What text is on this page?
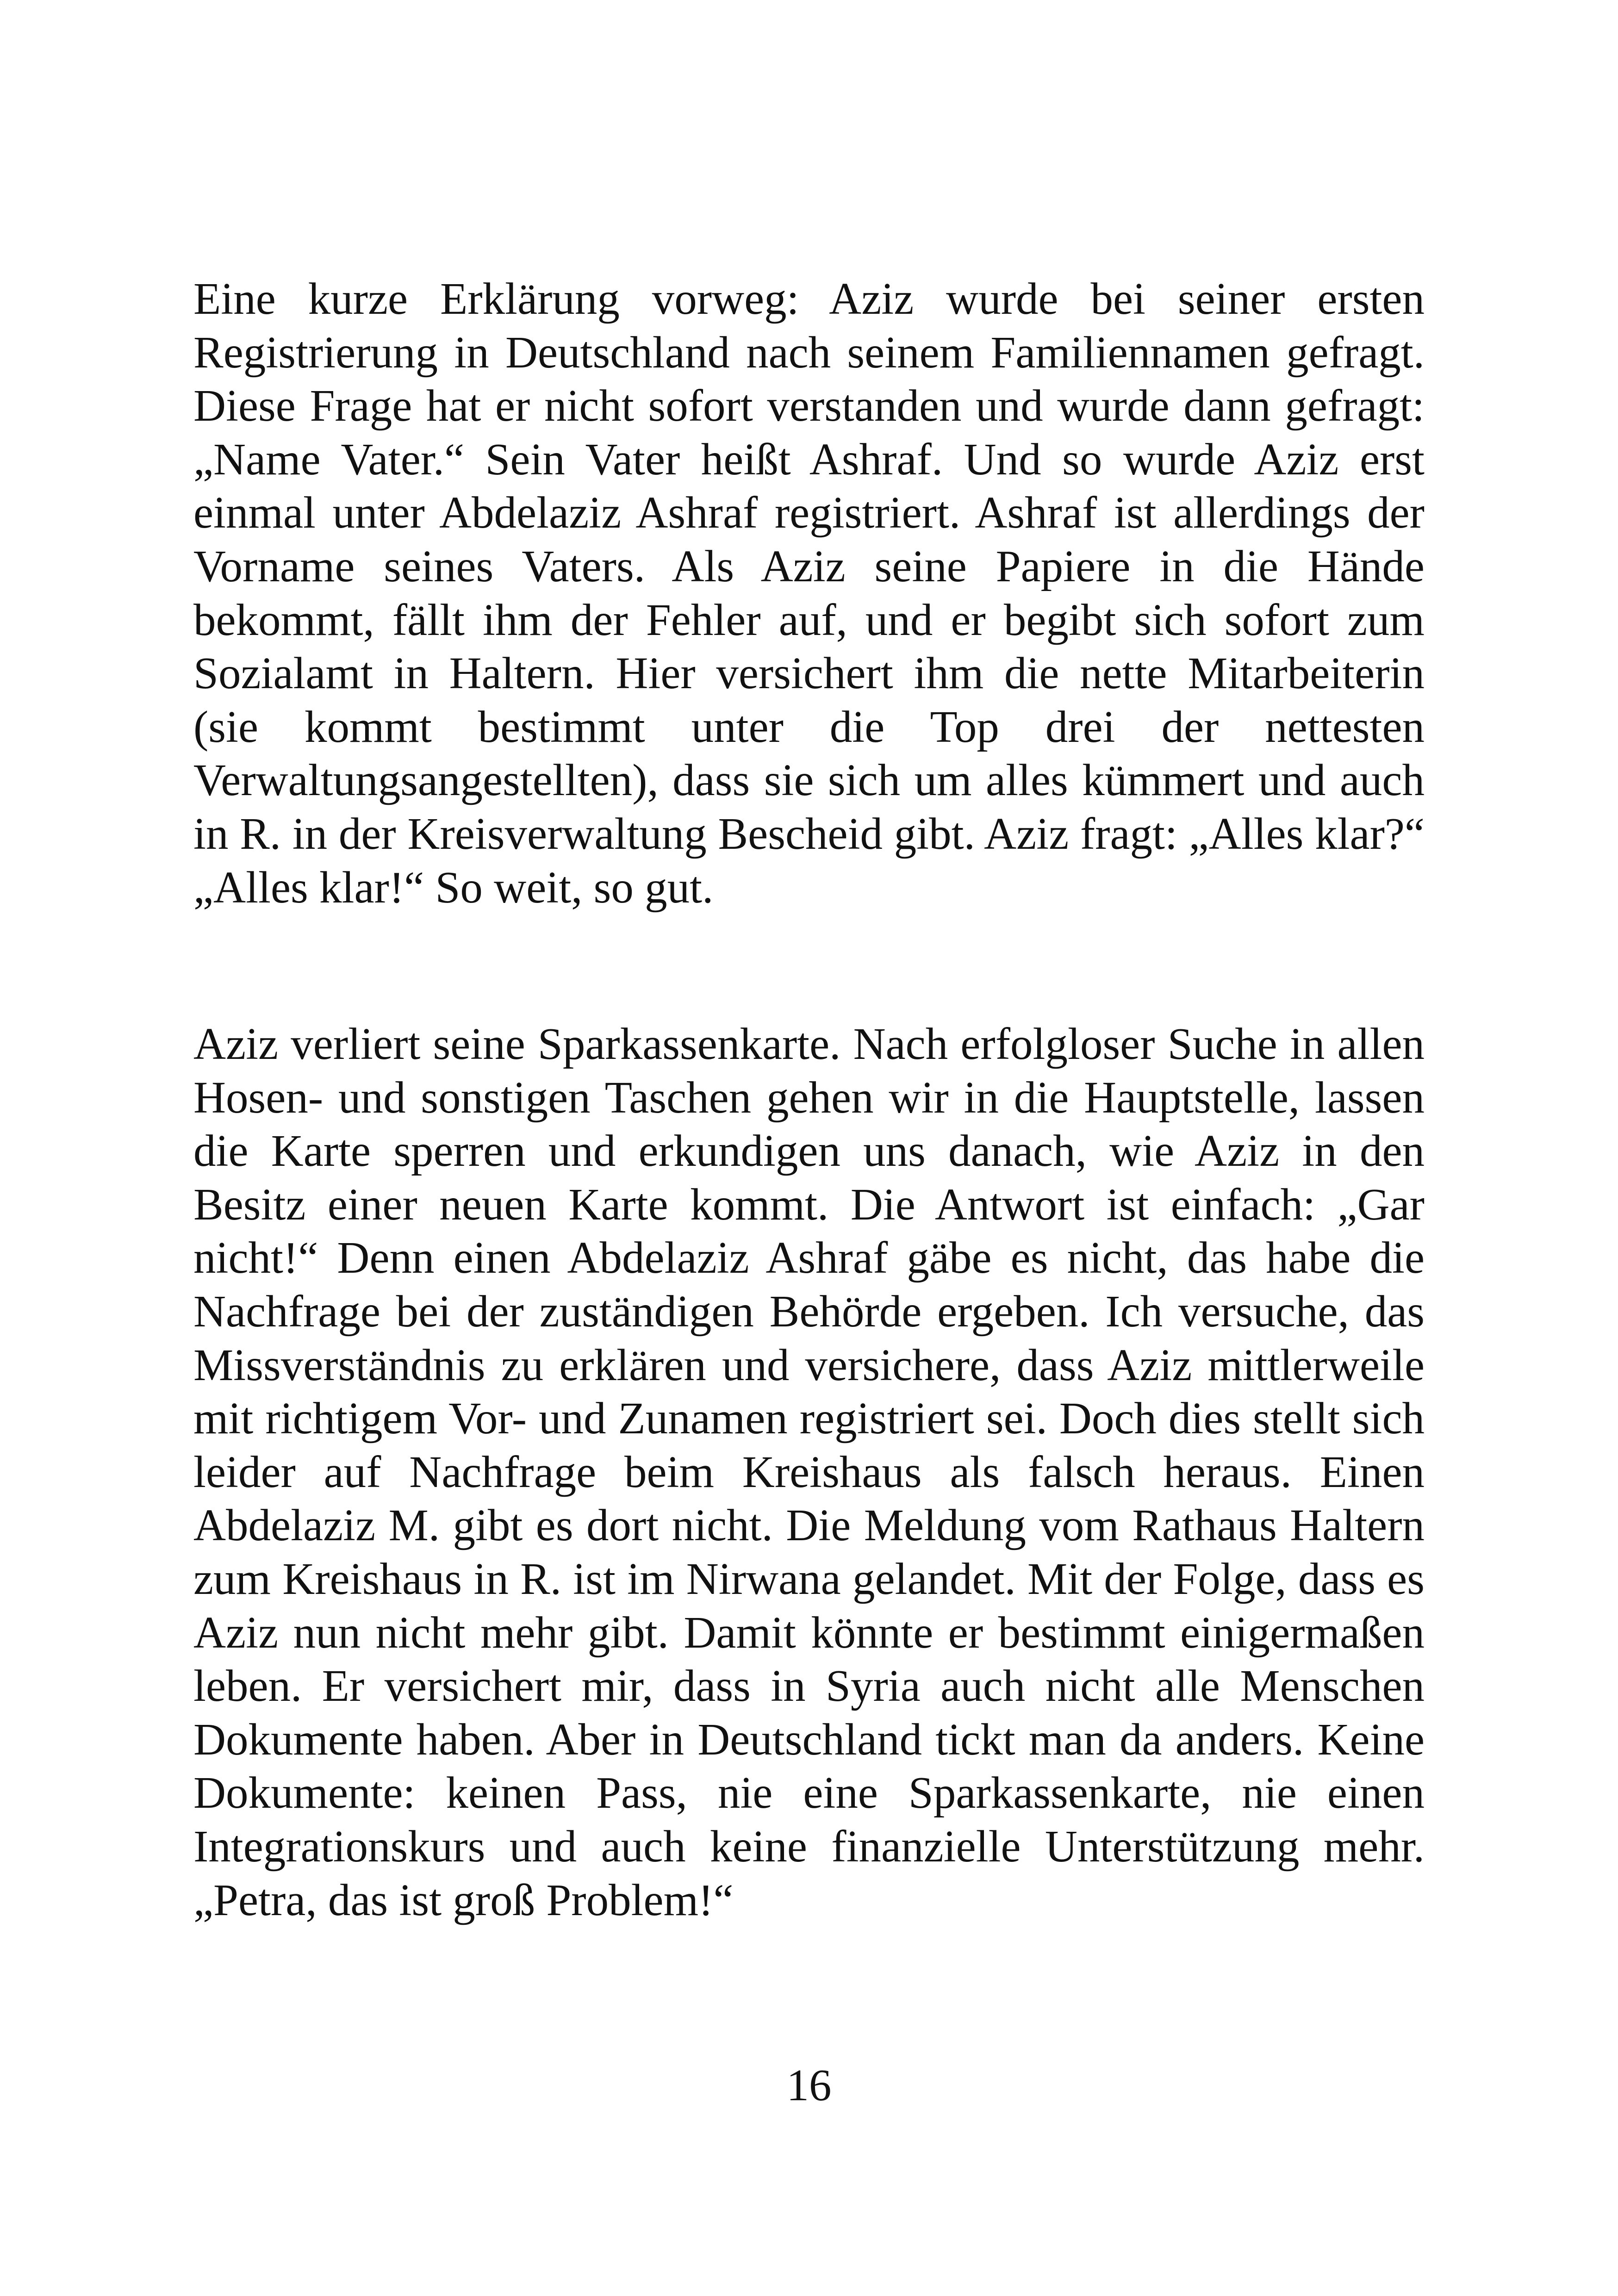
Eine kurze Erklärung vorweg: Aziz wurde bei seiner ersten Registrierung in Deutschland nach seinem Familiennamen gefragt. Diese Frage hat er nicht sofort verstanden und wurde dann gefragt: „Name Vater.“ Sein Vater heißt Ashraf. Und so wurde Aziz erst einmal unter Abdelaziz Ashraf registriert. Ashraf ist allerdings der Vorname seines Vaters. Als Aziz seine Papiere in die Hände bekommt, fällt ihm der Fehler auf, und er begibt sich sofort zum Sozialamt in Haltern. Hier versichert ihm die nette Mitarbeiterin (sie kommt bestimmt unter die Top drei der nettesten Verwaltungsangestellten), dass sie sich um alles kümmert und auch in R. in der Kreisverwaltung Bescheid gibt. Aziz fragt: „Alles klar?“ „Alles klar!“ So weit, so gut.

Aziz verliert seine Sparkassenkarte. Nach erfolgloser Suche in allen Hosen- und sonstigen Taschen gehen wir in die Hauptstelle, lassen die Karte sperren und erkundigen uns danach, wie Aziz in den Besitz einer neuen Karte kommt. Die Antwort ist einfach: „Gar nicht!“ Denn einen Abdelaziz Ashraf gäbe es nicht, das habe die Nachfrage bei der zuständigen Behörde ergeben. Ich versuche, das Missverständnis zu erklären und versichere, dass Aziz mittlerweile mit richtigem Vor- und Zunamen registriert sei. Doch dies stellt sich leider auf Nachfrage beim Kreishaus als falsch heraus. Einen Abdelaziz M. gibt es dort nicht. Die Meldung vom Rathaus Haltern zum Kreishaus in R. ist im Nirwana gelandet. Mit der Folge, dass es Aziz nun nicht mehr gibt. Damit könnte er bestimmt einigermaßen leben. Er versichert mir, dass in Syria auch nicht alle Menschen Dokumente haben. Aber in Deutschland tickt man da anders. Keine Dokumente: keinen Pass, nie eine Sparkassenkarte, nie einen Integrationskurs und auch keine finanzielle Unterstützung mehr. „Petra, das ist groß Problem!“

16
